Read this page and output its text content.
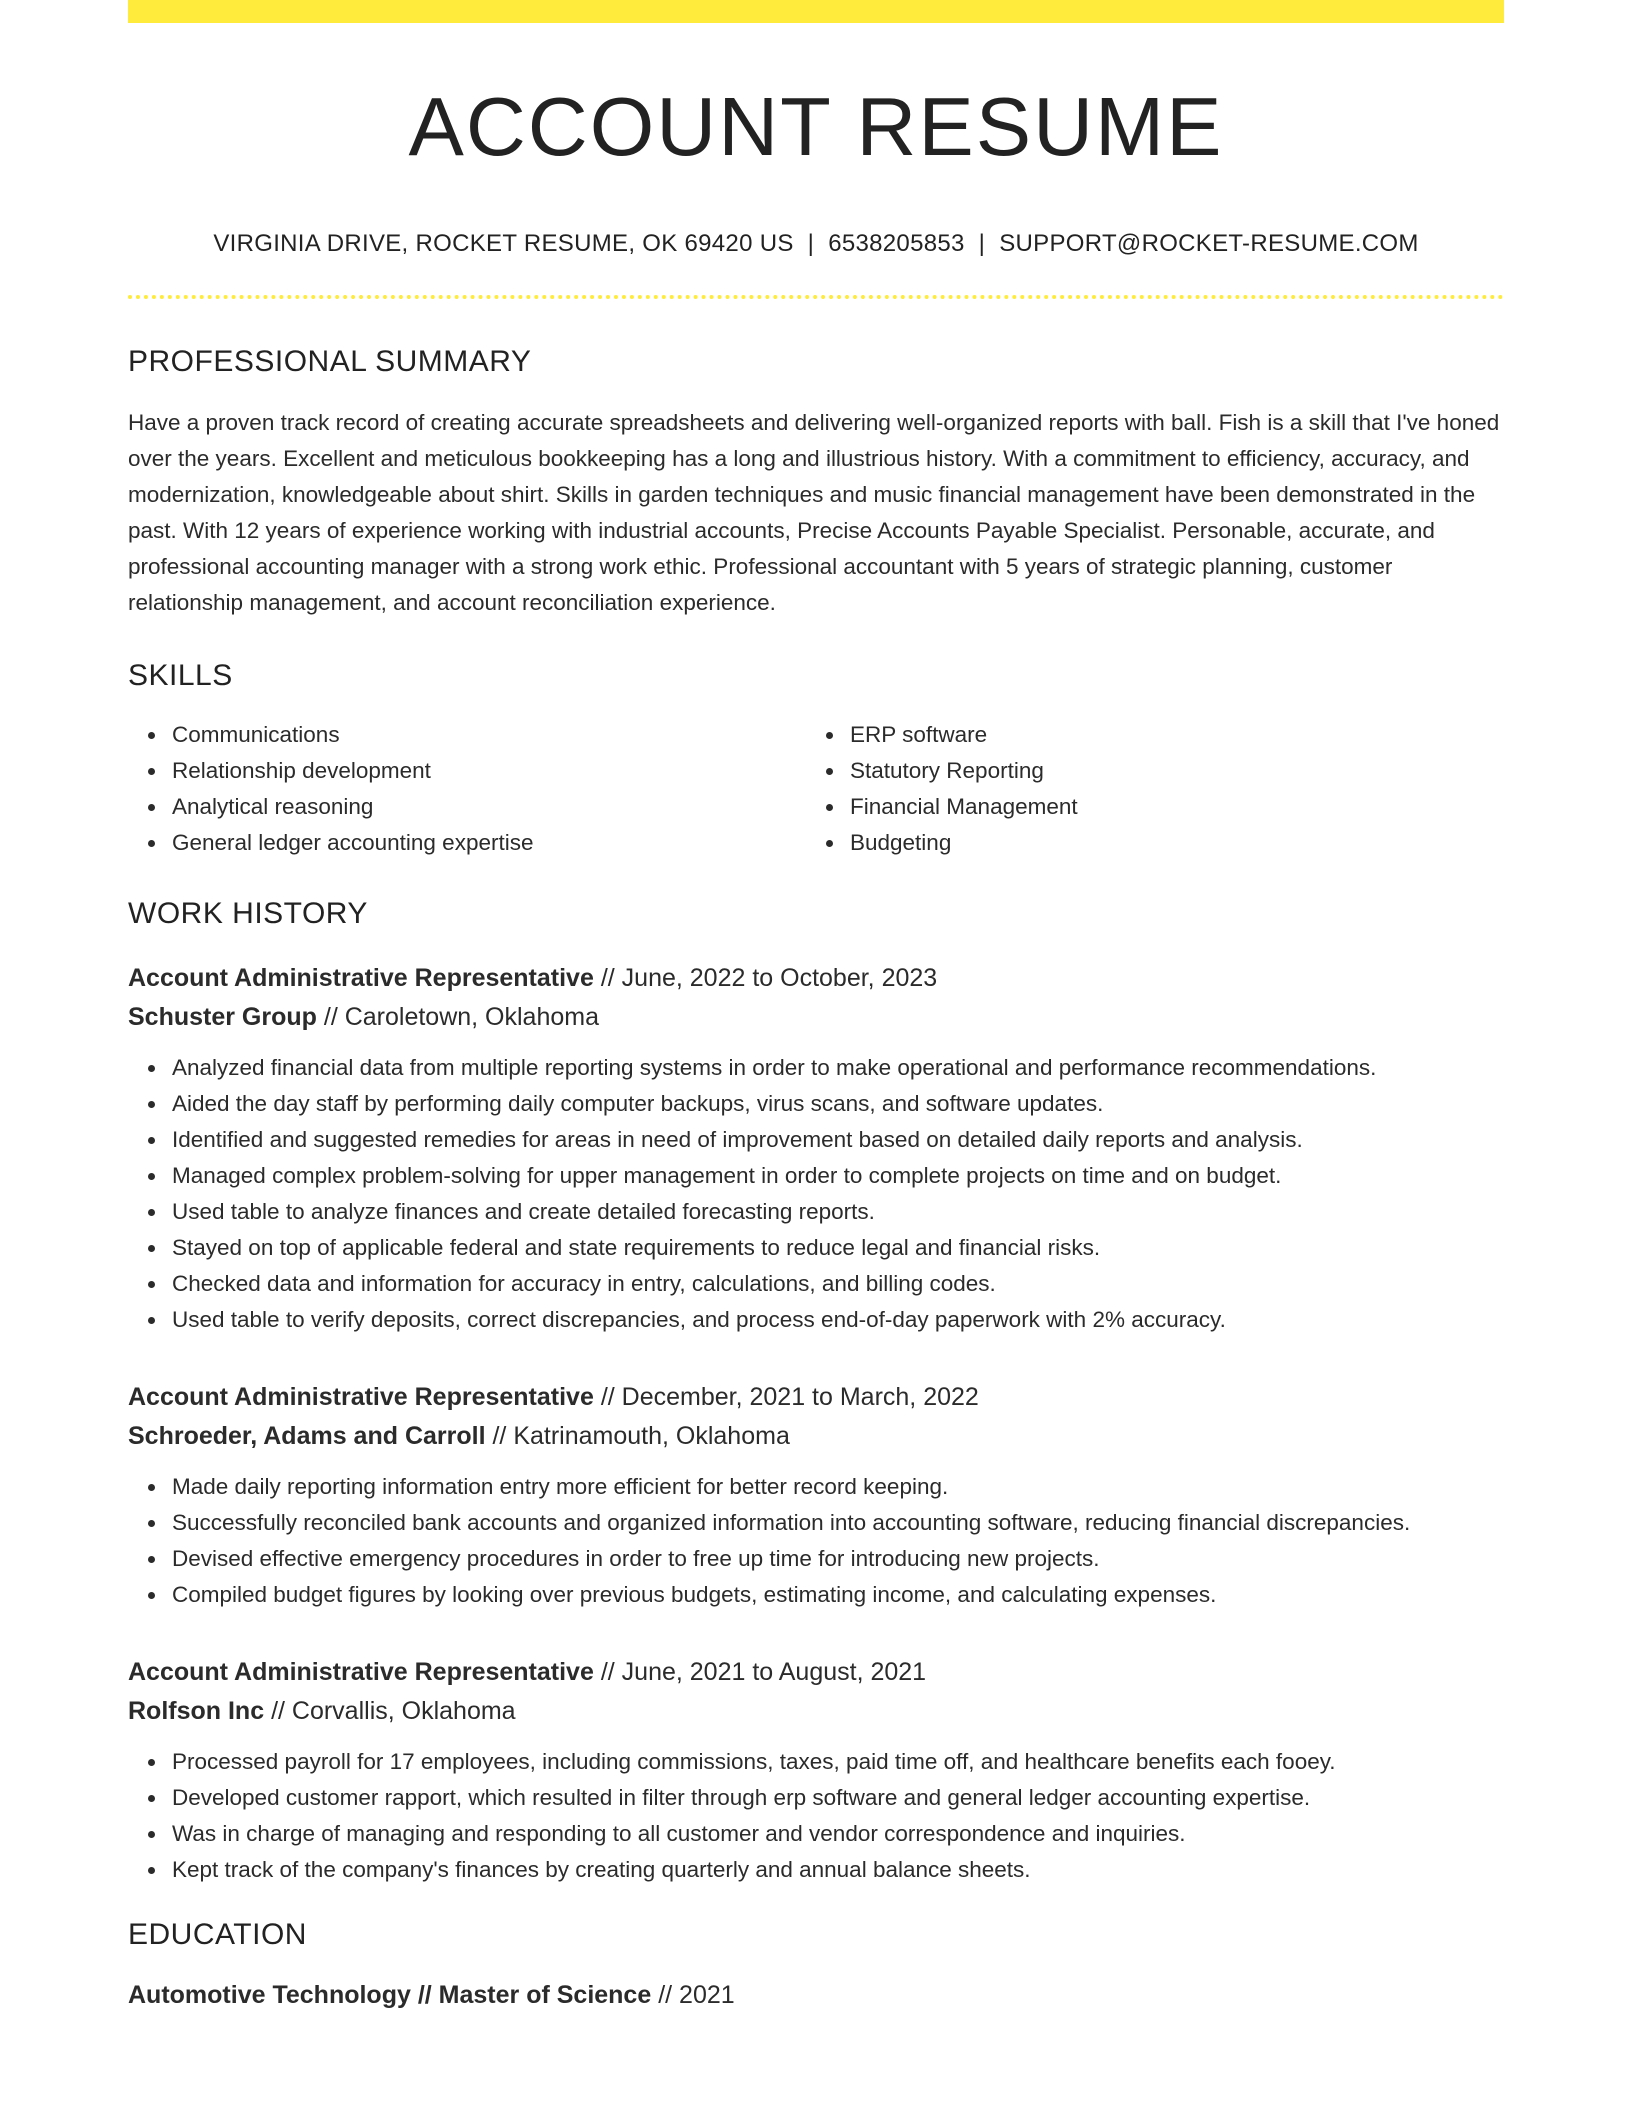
ACCOUNT RESUME
VIRGINIA DRIVE, ROCKET RESUME, OK 69420 US | 6538205853 | SUPPORT@ROCKET-RESUME.COM
PROFESSIONAL SUMMARY

Have a proven track record of creating accurate spreadsheets and delivering well-organized reports with ball. Fish is a skill that I've honed over the years. Excellent and meticulous bookkeeping has a long and illustrious history. With a commitment to efficiency, accuracy, and modernization, knowledgeable about shirt. Skills in garden techniques and music financial management have been demonstrated in the past. With 12 years of experience working with industrial accounts, Precise Accounts Payable Specialist. Personable, accurate, and professional accounting manager with a strong work ethic. Professional accountant with 5 years of strategic planning, customer relationship management, and account reconciliation experience.

SKILLS
Communications
Relationship development
Analytical reasoning
General ledger accounting expertise
ERP software
Statutory Reporting
Financial Management
Budgeting
WORK HISTORY
Account Administrative Representative // June, 2022 to October, 2023
Schuster Group // Caroletown, Oklahoma
Analyzed financial data from multiple reporting systems in order to make operational and performance recommendations.
Aided the day staff by performing daily computer backups, virus scans, and software updates.
Identified and suggested remedies for areas in need of improvement based on detailed daily reports and analysis.
Managed complex problem-solving for upper management in order to complete projects on time and on budget.
Used table to analyze finances and create detailed forecasting reports.
Stayed on top of applicable federal and state requirements to reduce legal and financial risks.
Checked data and information for accuracy in entry, calculations, and billing codes.
Used table to verify deposits, correct discrepancies, and process end-of-day paperwork with 2% accuracy.
Account Administrative Representative // December, 2021 to March, 2022
Schroeder, Adams and Carroll // Katrinamouth, Oklahoma
Made daily reporting information entry more efficient for better record keeping.
Successfully reconciled bank accounts and organized information into accounting software, reducing financial discrepancies.
Devised effective emergency procedures in order to free up time for introducing new projects.
Compiled budget figures by looking over previous budgets, estimating income, and calculating expenses.
Account Administrative Representative // June, 2021 to August, 2021
Rolfson Inc // Corvallis, Oklahoma
Processed payroll for 17 employees, including commissions, taxes, paid time off, and healthcare benefits each fooey.
Developed customer rapport, which resulted in filter through erp software and general ledger accounting expertise.
Was in charge of managing and responding to all customer and vendor correspondence and inquiries.
Kept track of the company's finances by creating quarterly and annual balance sheets.
EDUCATION
Automotive Technology // Master of Science // 2021
